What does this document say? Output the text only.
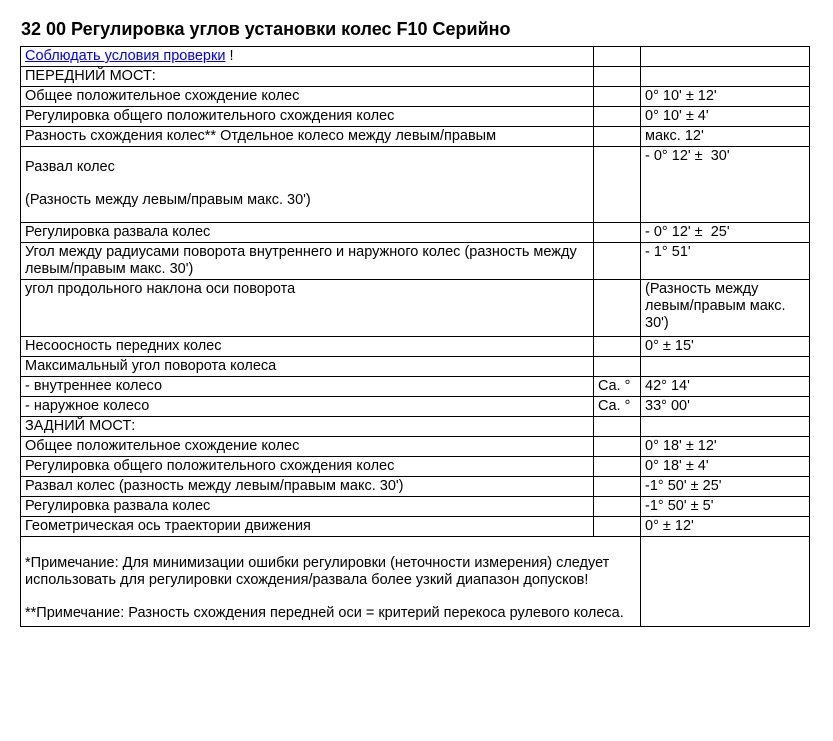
32 00 Регулировка углов установки колес F10 Серийно
Соблюдать условия проверки !		
ПЕРЕДНИЙ МОСТ:		
Общее положительное схождение колес		0° 10' ± 12'
Регулировка общего положительного схождения колес		0° 10' ± 4'
Разность схождения колес** Отдельное колесо между левым/правым		макс. 12'
Развал колес
(Разность между левым/правым макс. 30')		- 0° 12' ±  30'
Регулировка развала колес		- 0° 12' ±  25'
Угол между радиусами поворота внутреннего и наружного колес (разность между левым/правым макс. 30')		- 1° 51'
угол продольного наклона оси поворота		(Разность между левым/правым макс. 30')
Несоосность передних колес		0° ± 15'
Максимальный угол поворота колеса		
- внутреннее колесо	Ca. °	42° 14'
- наружное колесо	Ca. °	33° 00'
ЗАДНИЙ МОСТ:		
Общее положительное схождение колес		0° 18' ± 12'
Регулировка общего положительного схождения колес		0° 18' ± 4'
Развал колес (разность между левым/правым макс. 30')		-1° 50' ± 25'
Регулировка развала колес		-1° 50' ± 5'
Геометрическая ось траектории движения		0° ± 12'
*Примечание: Для минимизации ошибки регулировки (неточности измерения) следует использовать для регулировки схождения/развала более узкий диапазон допусков!
**Примечание: Разность схождения передней оси = критерий перекоса рулевого колеса.		
